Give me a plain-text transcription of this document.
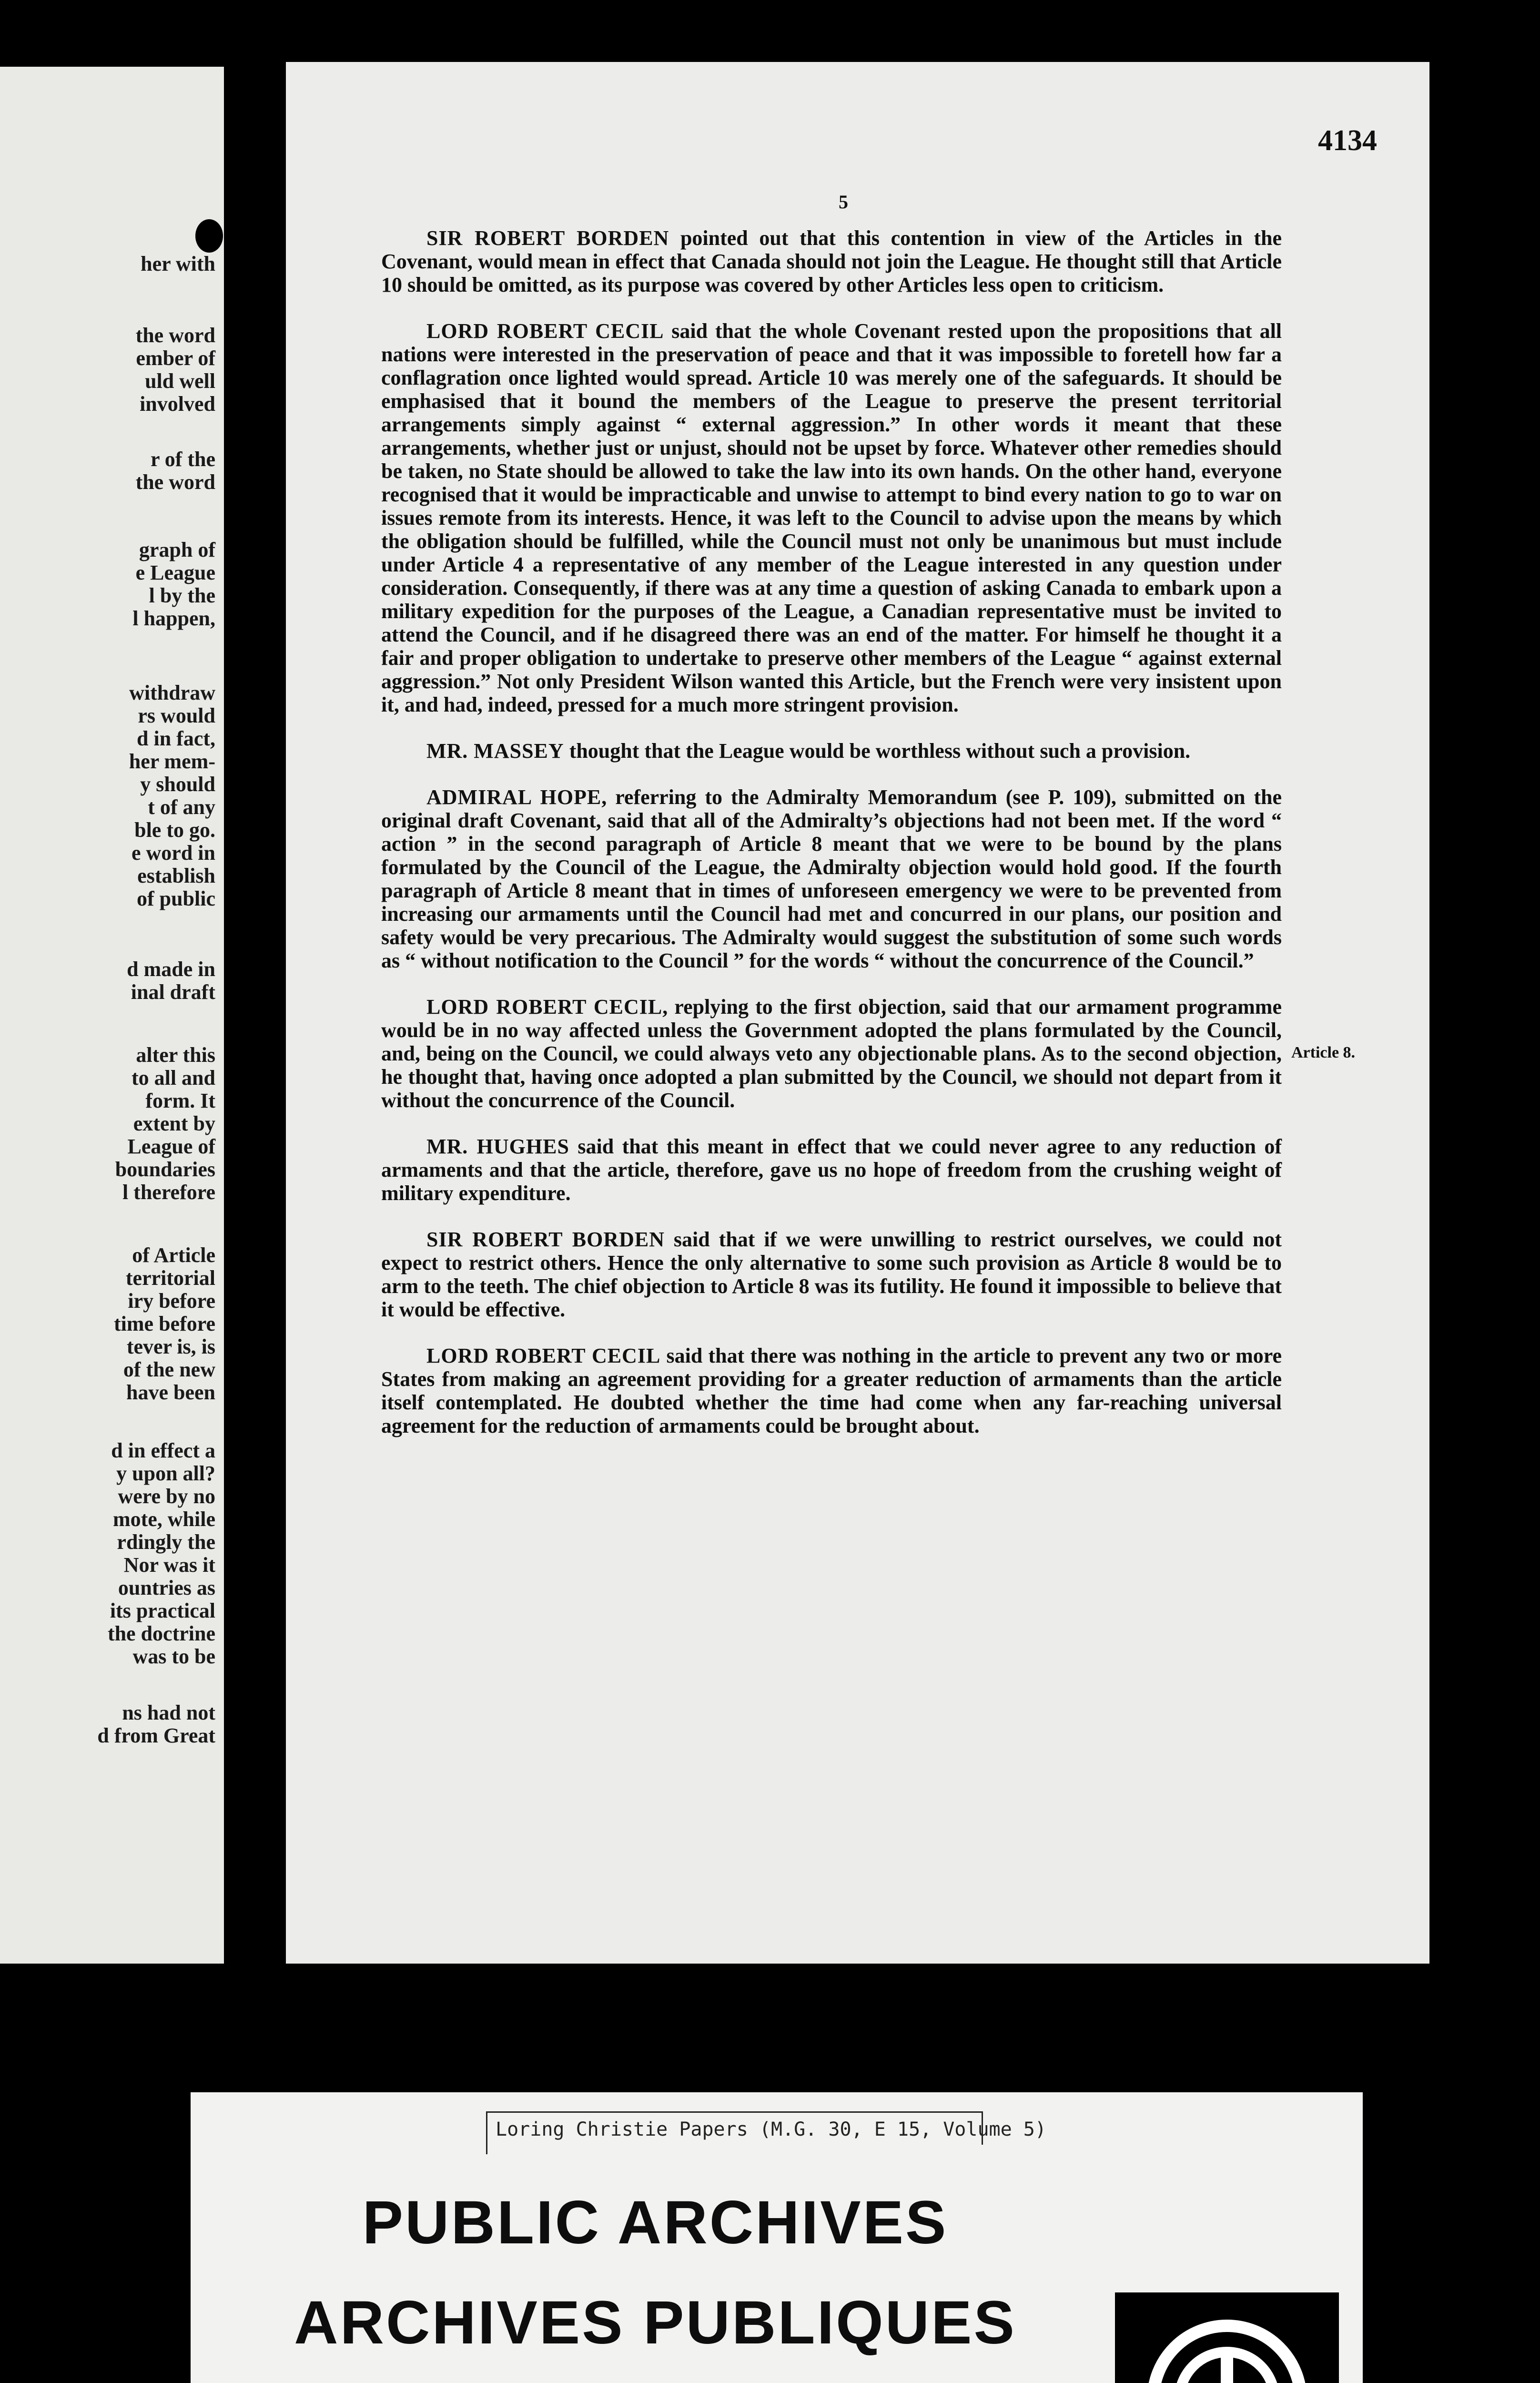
her with
the word
ember of
uld well
involved
r of the
the word
graph of
e League
l by the
l happen,
withdraw
rs would
d in fact,
her mem-
y should
t of any
ble to go.
e word in
establish
of public
d made in
inal draft
alter this
to all and
form. It
extent by
League of
boundaries
l therefore
of Article
territorial
iry before
time before
tever is, is
of the new
have been
d in effect a
y upon all?
were by no
mote, while
rdingly the
Nor was it
ountries as
its practical
the doctrine
was to be
ns had not
d from Great
4134
5
Article 8.

SIR ROBERT BORDEN pointed out that this contention in view of the Articles in the Covenant, would mean in effect that Canada should not join the League. He thought still that Article 10 should be omitted, as its purpose was covered by other Articles less open to criticism.

LORD ROBERT CECIL said that the whole Covenant rested upon the propositions that all nations were interested in the preservation of peace and that it was impossible to foretell how far a conflagration once lighted would spread. Article 10 was merely one of the safeguards. It should be emphasised that it bound the members of the League to preserve the present territorial arrangements simply against “ external aggression.” In other words it meant that these arrangements, whether just or unjust, should not be upset by force. Whatever other remedies should be taken, no State should be allowed to take the law into its own hands. On the other hand, everyone recognised that it would be impracticable and unwise to attempt to bind every nation to go to war on issues remote from its interests. Hence, it was left to the Council to advise upon the means by which the obligation should be fulfilled, while the Council must not only be unanimous but must include under Article 4 a representative of any member of the League interested in any question under consideration. Consequently, if there was at any time a question of asking Canada to embark upon a military expedition for the purposes of the League, a Canadian representative must be invited to attend the Council, and if he disagreed there was an end of the matter. For himself he thought it a fair and proper obligation to undertake to preserve other members of the League “ against external aggression.” Not only President Wilson wanted this Article, but the French were very insistent upon it, and had, indeed, pressed for a much more stringent provision.

MR. MASSEY thought that the League would be worthless without such a provision.

ADMIRAL HOPE, referring to the Admiralty Memorandum (see P. 109), submitted on the original draft Covenant, said that all of the Admiralty’s objections had not been met. If the word “ action ” in the second paragraph of Article 8 meant that we were to be bound by the plans formulated by the Council of the League, the Admiralty objection would hold good. If the fourth paragraph of Article 8 meant that in times of unforeseen emergency we were to be prevented from increasing our armaments until the Council had met and concurred in our plans, our position and safety would be very precarious. The Admiralty would suggest the substitution of some such words as “ without notification to the Council ” for the words “ without the concurrence of the Council.”

LORD ROBERT CECIL, replying to the first objection, said that our armament programme would be in no way affected unless the Government adopted the plans formulated by the Council, and, being on the Council, we could always veto any objectionable plans. As to the second objection, he thought that, having once adopted a plan submitted by the Council, we should not depart from it without the concurrence of the Council.

MR. HUGHES said that this meant in effect that we could never agree to any reduction of armaments and that the article, therefore, gave us no hope of freedom from the crushing weight of military expenditure.

SIR ROBERT BORDEN said that if we were unwilling to restrict ourselves, we could not expect to restrict others. Hence the only alternative to some such provision as Article 8 would be to arm to the teeth. The chief objection to Article 8 was its futility. He found it impossible to believe that it would be effective.

LORD ROBERT CECIL said that there was nothing in the article to prevent any two or more States from making an agreement providing for a greater reduction of armaments than the article itself contemplated. He doubted whether the time had come when any far-reaching universal agreement for the reduction of armaments could be brought about.

Loring Christie Papers (M.G. 30, E 15, Volume 5)
PUBLIC ARCHIVES
ARCHIVES PUBLIQUES
